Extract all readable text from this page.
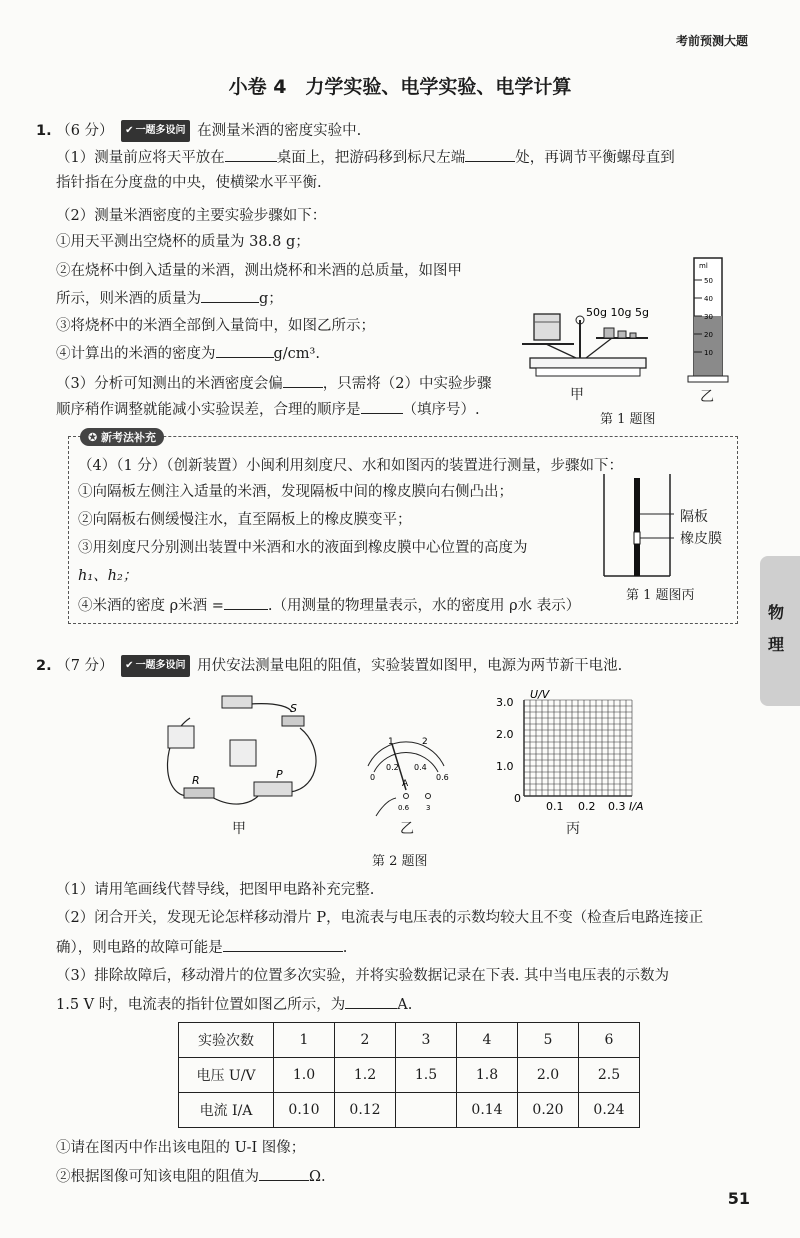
考前预测大题
小卷 4　力学实验、电学实验、电学计算
1. （6 分） ✔ 一题多设问 在测量米酒的密度实验中.
（1）测量前应将天平放在	桌面上，把游码移到标尺左端	处，再调节平衡螺母直到
指针指在分度盘的中央，使横梁水平平衡.
（2）测量米酒密度的主要实验步骤如下：
①用天平测出空烧杯的质量为 38.8 g；
②在烧杯中倒入适量的米酒，测出烧杯和米酒的总质量，如图甲
所示，则米酒的质量为	g；
③将烧杯中的米酒全部倒入量筒中，如图乙所示；
④计算出的米酒的密度为	g/cm³.
（3）分析可知测出的米酒密度会偏	，只需将（2）中实验步骤
顺序稍作调整就能减小实验误差，合理的顺序是	（填序号）.
50g 10g 5g
甲
ml
50
40
30
20
10
乙
第 1 题图
✪ 新考法补充
（4）（1 分）（创新装置）小闽利用刻度尺、水和如图丙的装置进行测量，步骤如下：
①向隔板左侧注入适量的米酒，发现隔板中间的橡皮膜向右侧凸出；
②向隔板右侧缓慢注水，直至隔板上的橡皮膜变平；
③用刻度尺分别测出装置中米酒和水的液面到橡皮膜中心位置的高度为
h₁、h₂；
④米酒的密度 ρ米酒 =	.（用测量的物理量表示，水的密度用 ρ水 表示）
隔板
橡皮膜
第 1 题图丙
物
理
2. （7 分） ✔ 一题多设问 用伏安法测量电阻的阻值，实验装置如图甲，电源为两节新干电池.
S
R	P
甲
1	2
0
0.2 0.4
0.6
A
0.6 3
乙
U/V
3.0
2.0
1.0
0
0.1 0.2 0.3 I/A
丙
第 2 题图
（1）请用笔画线代替导线，把图甲电路补充完整.
（2）闭合开关，发现无论怎样移动滑片 P，电流表与电压表的示数均较大且不变（检查后电路连接正
确），则电路的故障可能是	.
（3）排除故障后，移动滑片的位置多次实验，并将实验数据记录在下表. 其中当电压表的示数为
1.5 V 时，电流表的指针位置如图乙所示，为	A.
实验次数	1	2	3	4	5	6
电压 U/V	1.0	1.2	1.5	1.8	2.0	2.5
电流 I/A	0.10	0.12		0.14	0.20	0.24
①请在图丙中作出该电阻的 U-I 图像；
②根据图像可知该电阻的阻值为	Ω.
51
